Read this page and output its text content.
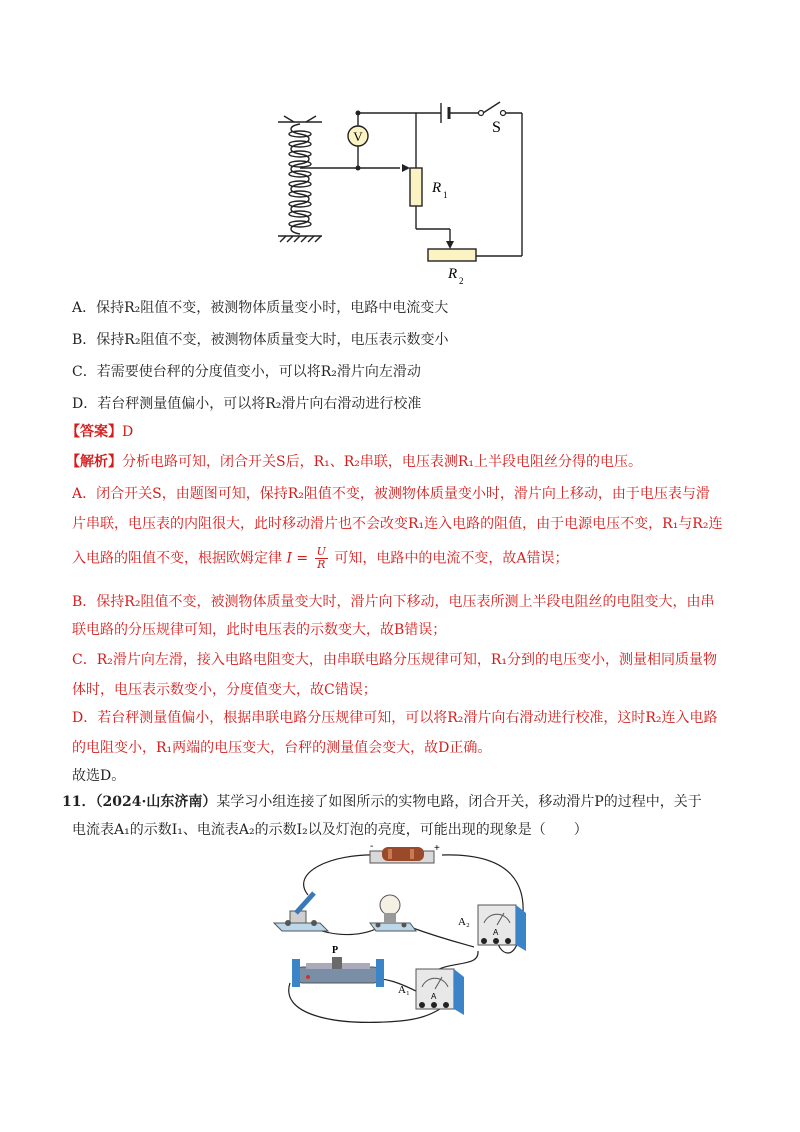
V
S
R 1
R 2
A．保持R₂阻值不变，被测物体质量变小时，电路中电流变大
B．保持R₂阻值不变，被测物体质量变大时，电压表示数变小
C．若需要使台秤的分度值变小，可以将R₂滑片向左滑动
D．若台秤测量值偏小，可以将R₂滑片向右滑动进行校准
【答案】D
【解析】分析电路可知，闭合开关S后，R₁、R₂串联，电压表测R₁上半段电阻丝分得的电压。
A．闭合开关S，由题图可知，保持R₂阻值不变，被测物体质量变小时，滑片向上移动，由于电压表与滑
片串联，电压表的内阻很大，此时移动滑片也不会改变R₁连入电路的阻值，由于电源电压不变，R₁与R₂连
入电路的阻值不变，根据欧姆定律 $I = \frac{U}{R}$ 可知，电路中的电流不变，故A错误；
B．保持R₂阻值不变，被测物体质量变大时，滑片向下移动，电压表所测上半段电阻丝的电阻变大，由串
联电路的分压规律可知，此时电压表的示数变大，故B错误；
C．R₂滑片向左滑，接入电路电阻变大，由串联电路分压规律可知，R₁分到的电压变小，测量相同质量物
体时，电压表示数变小，分度值变大，故C错误；
D．若台秤测量值偏小，根据串联电路分压规律可知，可以将R₂滑片向右滑动进行校准，这时R₂连入电路
的电阻变小，R₁两端的电压变大，台秤的测量值会变大，故D正确。
故选D。
11．（2024·山东济南）某学习小组连接了如图所示的实物电路，闭合开关，移动滑片P的过程中，关于
电流表A₁的示数I₁、电流表A₂的示数I₂以及灯泡的亮度，可能出现的现象是（　　）
-	+
A₂
A
P
A₁
A
